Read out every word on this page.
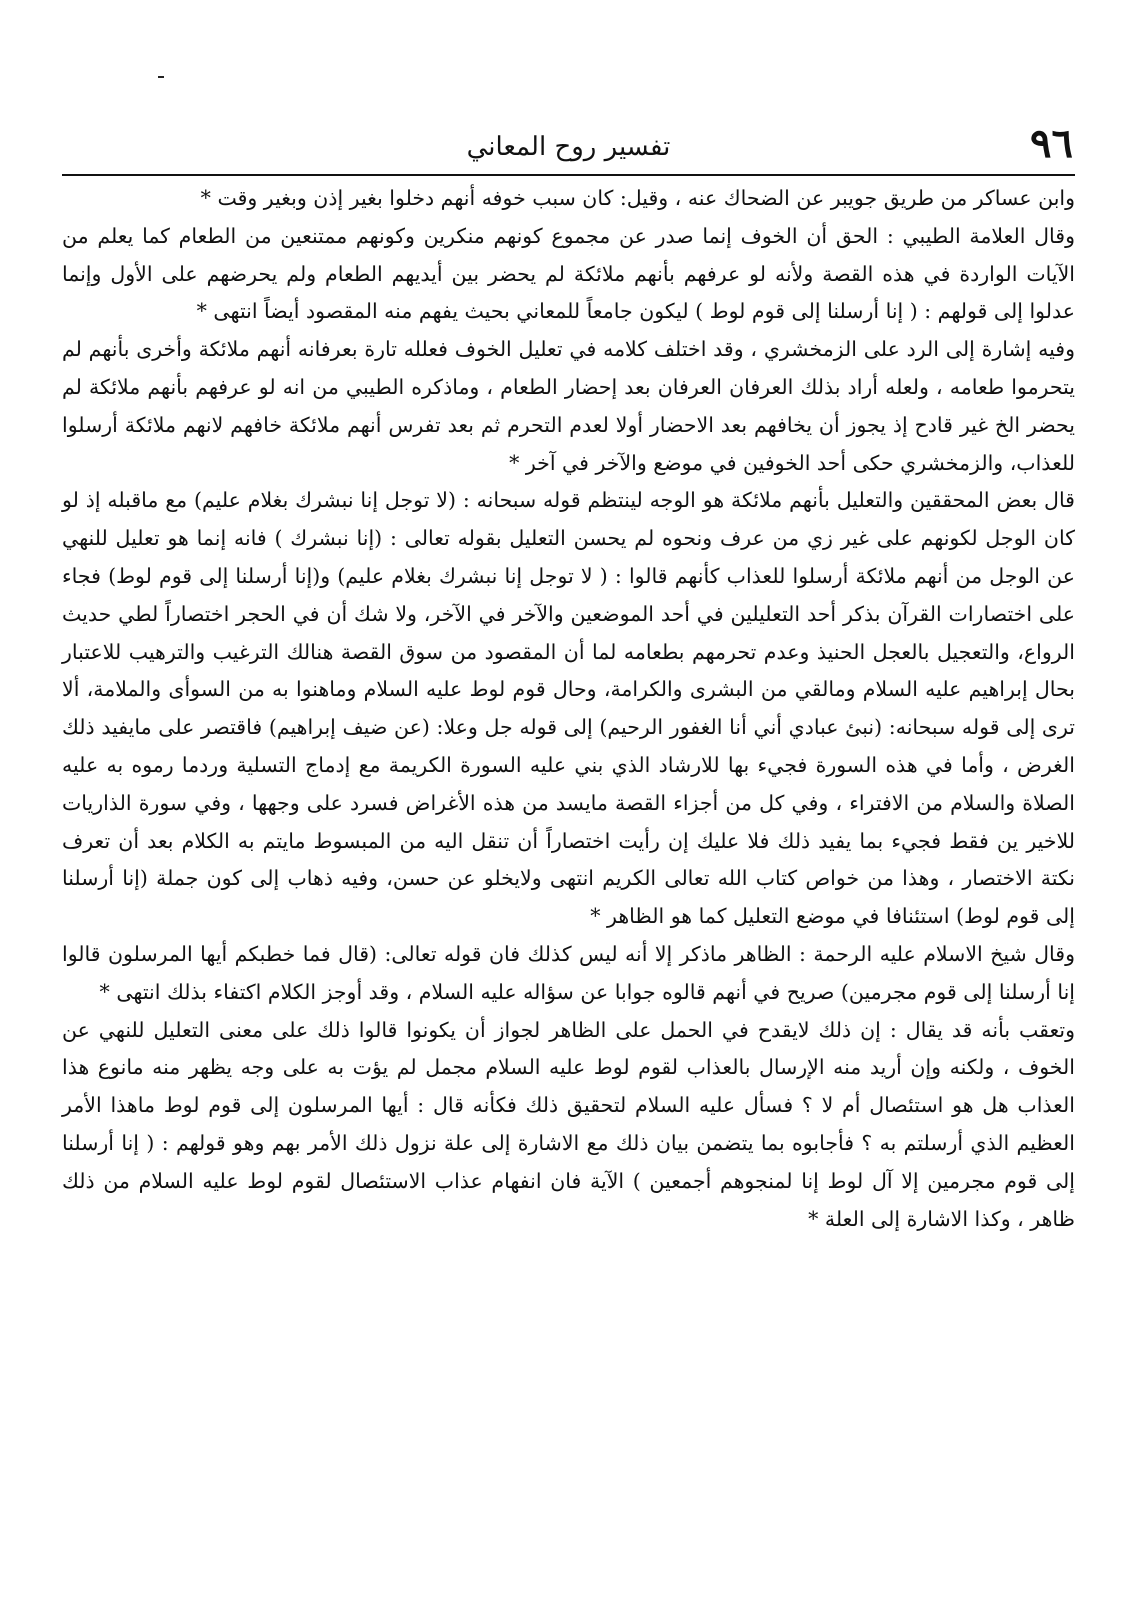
٩٦
تفسير روح المعاني

وابن عساكر من طريق جويبر عن الضحاك عنه ، وقيل: كان سبب خوفه أنهم دخلوا بغير إذن وبغير وقت *

وقال العلامة الطيبي : الحق أن الخوف إنما صدر عن مجموع كونهم منكرين وكونهم ممتنعين من الطعام كما يعلم من الآيات الواردة في هذه القصة ولأنه لو عرفهم بأنهم ملائكة لم يحضر بين أيديهم الطعام ولم يحرضهم على الأول وإنما عدلوا إلى قولهم : ( إنا أرسلنا إلى قوم لوط ) ليكون جامعاً للمعاني بحيث يفهم منه المقصود أيضاً انتهى *

وفيه إشارة إلى الرد على الزمخشري ، وقد اختلف كلامه في تعليل الخوف فعلله تارة بعرفانه أنهم ملائكة وأخرى بأنهم لم يتحرموا طعامه ، ولعله أراد بذلك العرفان العرفان بعد إحضار الطعام ، وماذكره الطيبي من انه لو عرفهم بأنهم ملائكة لم يحضر الخ غير قادح إذ يجوز أن يخافهم بعد الاحضار أولا لعدم التحرم ثم بعد تفرس أنهم ملائكة خافهم لانهم ملائكة أرسلوا للعذاب، والزمخشري حكى أحد الخوفين في موضع والآخر في آخر *

قال بعض المحققين والتعليل بأنهم ملائكة هو الوجه لينتظم قوله سبحانه : (لا توجل إنا نبشرك بغلام عليم) مع ماقبله إذ لو كان الوجل لكونهم على غير زي من عرف ونحوه لم يحسن التعليل بقوله تعالى : (إنا نبشرك ) فانه إنما هو تعليل للنهي عن الوجل من أنهم ملائكة أرسلوا للعذاب كأنهم قالوا : ( لا توجل إنا نبشرك بغلام عليم) و(إنا أرسلنا إلى قوم لوط) فجاء على اختصارات القرآن بذكر أحد التعليلين في أحد الموضعين والآخر في الآخر، ولا شك أن في الحجر اختصاراً لطي حديث الرواع، والتعجيل بالعجل الحنيذ وعدم تحرمهم بطعامه لما أن المقصود من سوق القصة هنالك الترغيب والترهيب للاعتبار بحال إبراهيم عليه السلام ومالقي من البشرى والكرامة، وحال قوم لوط عليه السلام وماهنوا به من السوأى والملامة، ألا ترى إلى قوله سبحانه: (نبئ عبادي أني أنا الغفور الرحيم) إلى قوله جل وعلا: (عن ضيف إبراهيم) فاقتصر على مايفيد ذلك الغرض ، وأما في هذه السورة فجيء بها للارشاد الذي بني عليه السورة الكريمة مع إدماج التسلية وردما رموه به عليه الصلاة والسلام من الافتراء ، وفي كل من أجزاء القصة مايسد من هذه الأغراض فسرد على وجهها ، وفي سورة الذاريات للاخير ين فقط فجيء بما يفيد ذلك فلا عليك إن رأيت اختصاراً أن تنقل اليه من المبسوط مايتم به الكلام بعد أن تعرف نكتة الاختصار ، وهذا من خواص كتاب الله تعالى الكريم انتهى ولايخلو عن حسن، وفيه ذهاب إلى كون جملة (إنا أرسلنا إلى قوم لوط) استئنافا في موضع التعليل كما هو الظاهر *

وقال شيخ الاسلام عليه الرحمة : الظاهر ماذكر إلا أنه ليس كذلك فان قوله تعالى: (قال فما خطبكم أيها المرسلون قالوا إنا أرسلنا إلى قوم مجرمين) صريح في أنهم قالوه جوابا عن سؤاله عليه السلام ، وقد أوجز الكلام اكتفاء بذلك انتهى *

وتعقب بأنه قد يقال : إن ذلك لايقدح في الحمل على الظاهر لجواز أن يكونوا قالوا ذلك على معنى التعليل للنهي عن الخوف ، ولكنه وإن أريد منه الإرسال بالعذاب لقوم لوط عليه السلام مجمل لم يؤت به على وجه يظهر منه مانوع هذا العذاب هل هو استئصال أم لا ؟ فسأل عليه السلام لتحقيق ذلك فكأنه قال : أيها المرسلون إلى قوم لوط ماهذا الأمر العظيم الذي أرسلتم به ؟ فأجابوه بما يتضمن بيان ذلك مع الاشارة إلى علة نزول ذلك الأمر بهم وهو قولهم : ( إنا أرسلنا إلى قوم مجرمين إلا آل لوط إنا لمنجوهم أجمعين ) الآية فان انفهام عذاب الاستئصال لقوم لوط عليه السلام من ذلك ظاهر ، وكذا الاشارة إلى العلة *
